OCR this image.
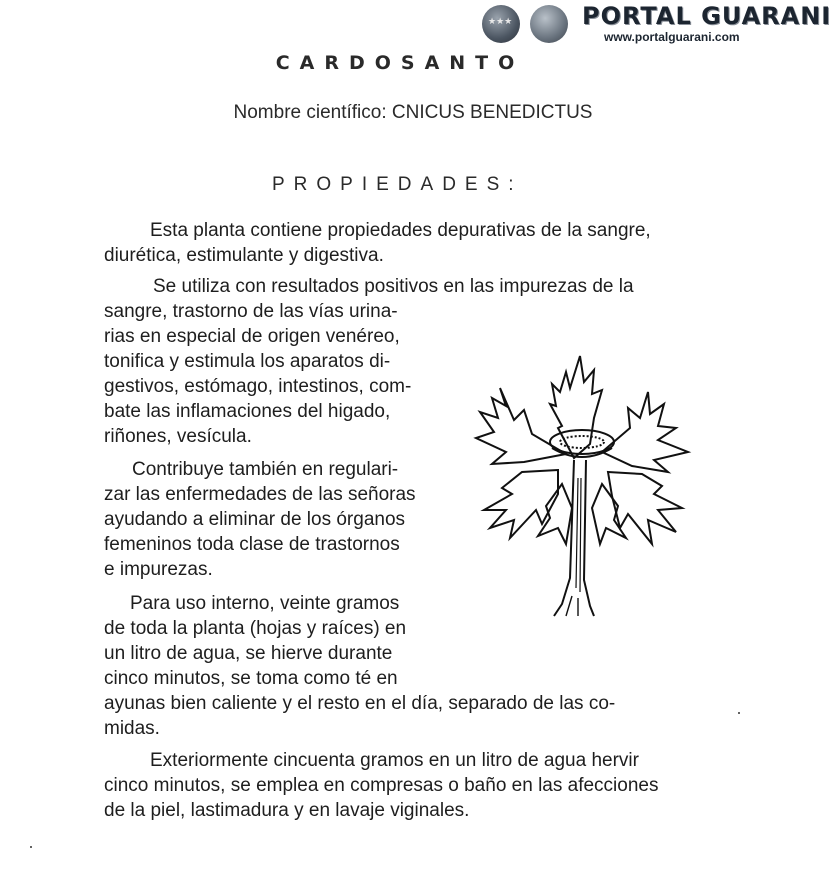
★★★	PORTAL GUARANI
www.portalguarani.com
CARDOSANTO
Nombre científico: CNICUS BENEDICTUS
PROPIEDADES:
Esta planta contiene propiedades depurativas de la sangre,
diurética, estimulante y digestiva.
Se utiliza con resultados positivos en las impurezas de la
sangre, trastorno de las vías urina-
rias en especial de origen venéreo,
tonifica y estimula los aparatos di-
gestivos, estómago, intestinos, com-
bate las inflamaciones del higado,
riñones, vesícula.
Contribuye también en regulari-
zar las enfermedades de las señoras
ayudando a eliminar de los órganos
femeninos toda clase de trastornos
e impurezas.
Para uso interno, veinte gramos
de toda la planta (hojas y raíces) en
un litro de agua, se hierve durante
cinco minutos, se toma como té en
ayunas bien caliente y el resto en el día, separado de las co-
midas.
Exteriormente cincuenta gramos en un litro de agua hervir
cinco minutos, se emplea en compresas o baño en las afecciones
de la piel, lastimadura y en lavaje viginales.
